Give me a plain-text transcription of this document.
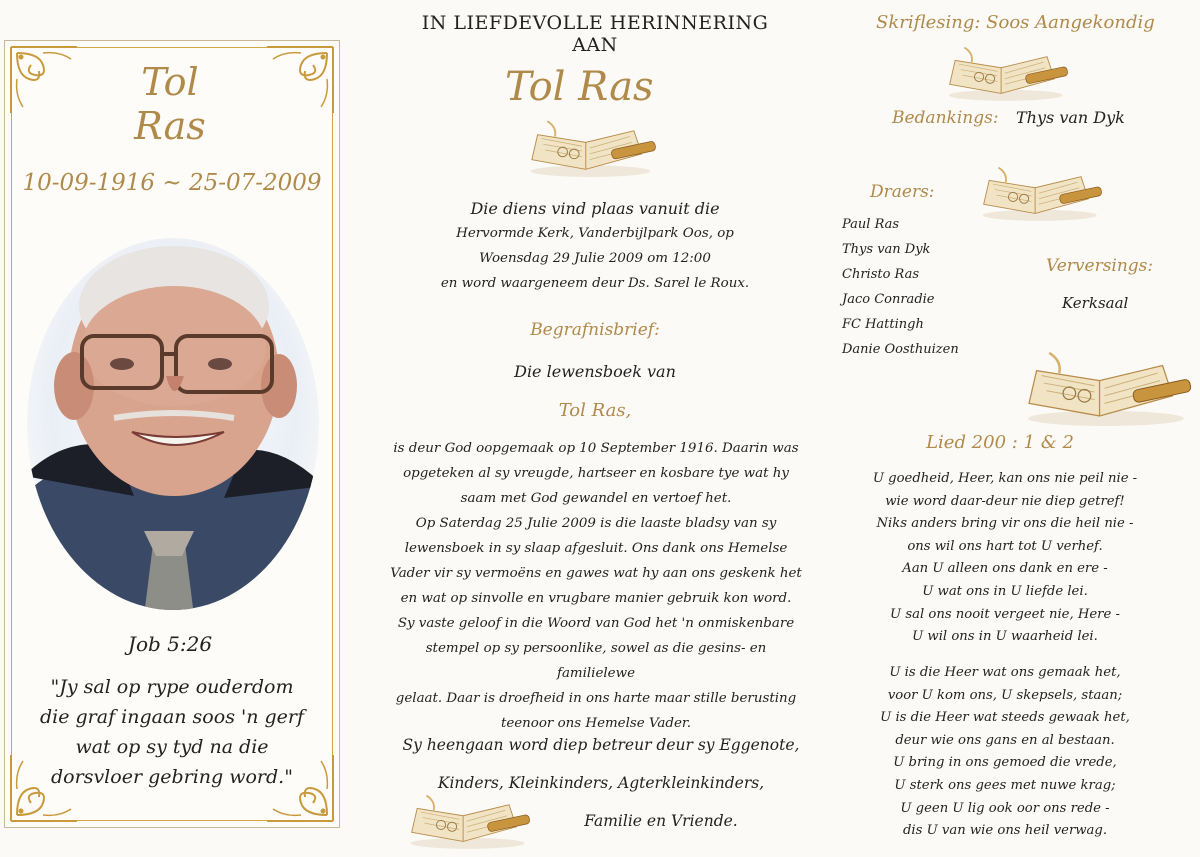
Tol
Ras
10-09-1916 ~ 25-07-2009
Job 5:26
"Jy sal op rype ouderdom
die graf ingaan soos 'n gerf
wat op sy tyd na die
dorsvloer gebring word."
IN LIEFDEVOLLE HERINNERING
AAN
Tol Ras
Die diens vind plaas vanuit die
Hervormde Kerk, Vanderbijlpark Oos, op
Woensdag 29 Julie 2009 om 12:00
en word waargeneem deur Ds. Sarel le Roux.
Begrafnisbrief:
Die lewensboek van
Tol Ras,
is deur God oopgemaak op 10 September 1916. Daarin was
opgeteken al sy vreugde, hartseer en kosbare tye wat hy
saam met God gewandel en vertoef het.
Op Saterdag 25 Julie 2009 is die laaste bladsy van sy
lewensboek in sy slaap afgesluit. Ons dank ons Hemelse
Vader vir sy vermoëns en gawes wat hy aan ons geskenk het
en wat op sinvolle en vrugbare manier gebruik kon word.
Sy vaste geloof in die Woord van God het 'n onmiskenbare
stempel op sy persoonlike, sowel as die gesins- en familielewe
gelaat. Daar is droefheid in ons harte maar stille berusting
teenoor ons Hemelse Vader.
Sy heengaan word diep betreur deur sy Eggenote,
Kinders, Kleinkinders, Agterkleinkinders,
Familie en Vriende.
Skriflesing: Soos Aangekondig
Bedankings:	Thys van Dyk
Draers:
Paul Ras
Thys van Dyk
Christo Ras
Jaco Conradie
FC Hattingh
Danie Oosthuizen
Verversings:
Kerksaal
Lied 200 : 1 & 2
U goedheid, Heer, kan ons nie peil nie -
wie word daar-deur nie diep getref!
Niks anders bring vir ons die heil nie -
ons wil ons hart tot U verhef.
Aan U alleen ons dank en ere -
U wat ons in U liefde lei.
U sal ons nooit vergeet nie, Here -
U wil ons in U waarheid lei.
U is die Heer wat ons gemaak het,
voor U kom ons, U skepsels, staan;
U is die Heer wat steeds gewaak het,
deur wie ons gans en al bestaan.
U bring in ons gemoed die vrede,
U sterk ons gees met nuwe krag;
U geen U lig ook oor ons rede -
dis U van wie ons heil verwag.
